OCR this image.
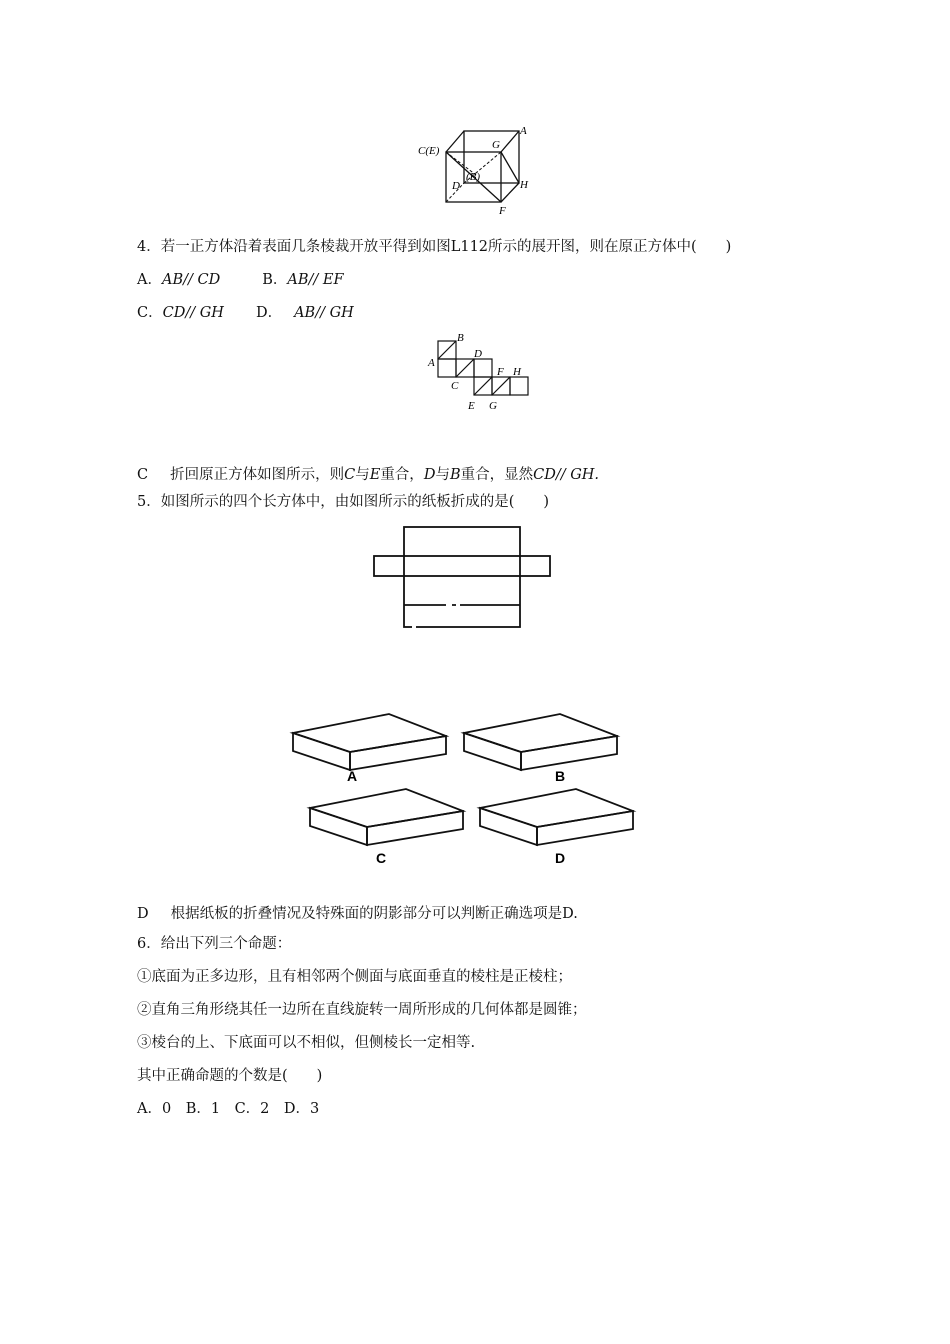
C(E)
A
G
(B)
D	H
F
4．若一正方体沿着表面几条棱裁开放平得到如图L112所示的展开图，则在原正方体中(　　)
A．AB// CD	B．AB// EF
C．CD// GH D． AB// GH
B
A
D
C
F H
E G
C 折回原正方体如图所示，则C与E重合，D与B重合，显然CD// GH.
5．如图所示的四个长方体中，由如图所示的纸板折成的是(　　)
A	B
C	D
D 根据纸板的折叠情况及特殊面的阴影部分可以判断正确选项是D.
6．给出下列三个命题：
①底面为正多边形，且有相邻两个侧面与底面垂直的棱柱是正棱柱；
②直角三角形绕其任一边所在直线旋转一周所形成的几何体都是圆锥；
③棱台的上、下底面可以不相似，但侧棱长一定相等.
其中正确命题的个数是(　　)
A．0　B．1　C．2　D．3
